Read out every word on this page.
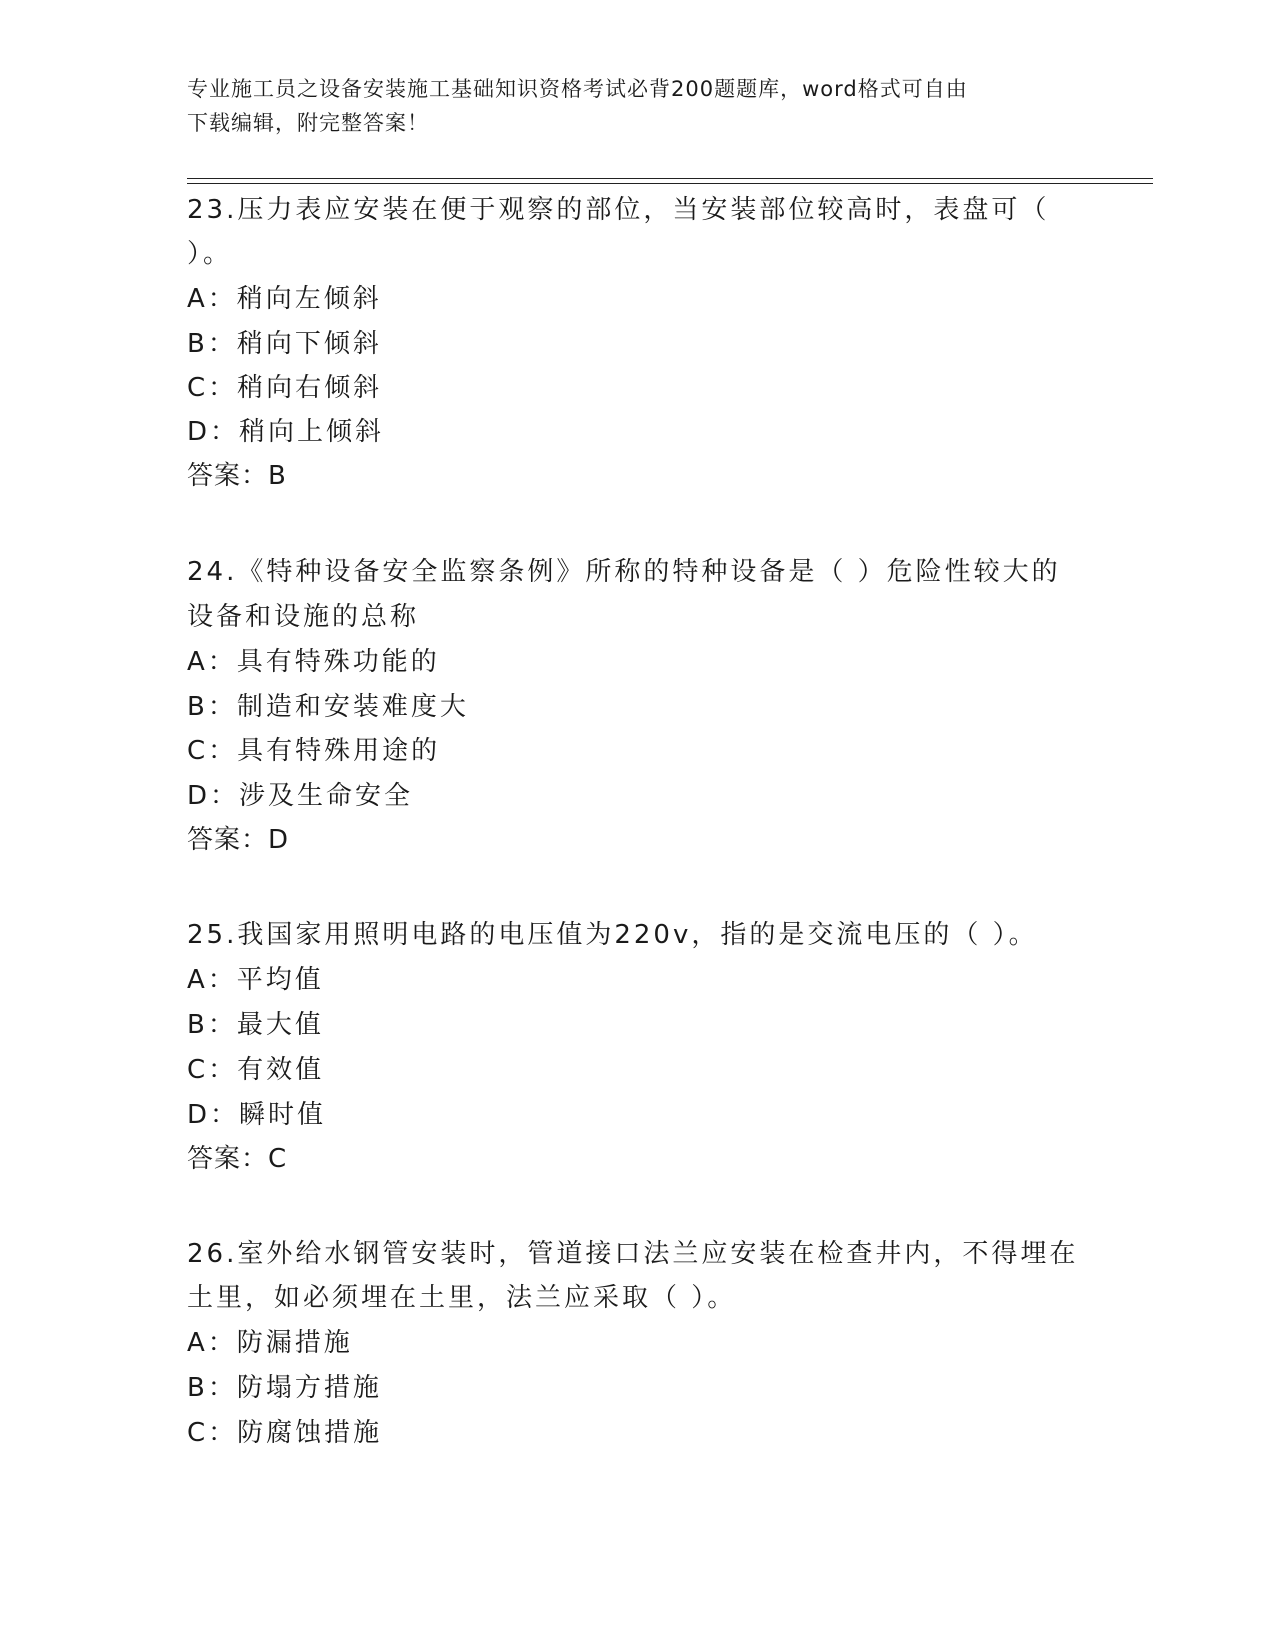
专业施工员之设备安装施工基础知识资格考试必背200题题库，word格式可自由
下载编辑，附完整答案！
23.压力表应安装在便于观察的部位，当安装部位较高时，表盘可（
）。
A：稍向左倾斜
B：稍向下倾斜
C：稍向右倾斜
D：稍向上倾斜
答案：B
24.《特种设备安全监察条例》所称的特种设备是（ ）危险性较大的
设备和设施的总称
A：具有特殊功能的
B：制造和安装难度大
C：具有特殊用途的
D：涉及生命安全
答案：D
25.我国家用照明电路的电压值为220v，指的是交流电压的（ ）。
A：平均值
B：最大值
C：有效值
D：瞬时值
答案：C
26.室外给水钢管安装时，管道接口法兰应安装在检查井内，不得埋在
土里，如必须埋在土里，法兰应采取（ ）。
A：防漏措施
B：防塌方措施
C：防腐蚀措施
